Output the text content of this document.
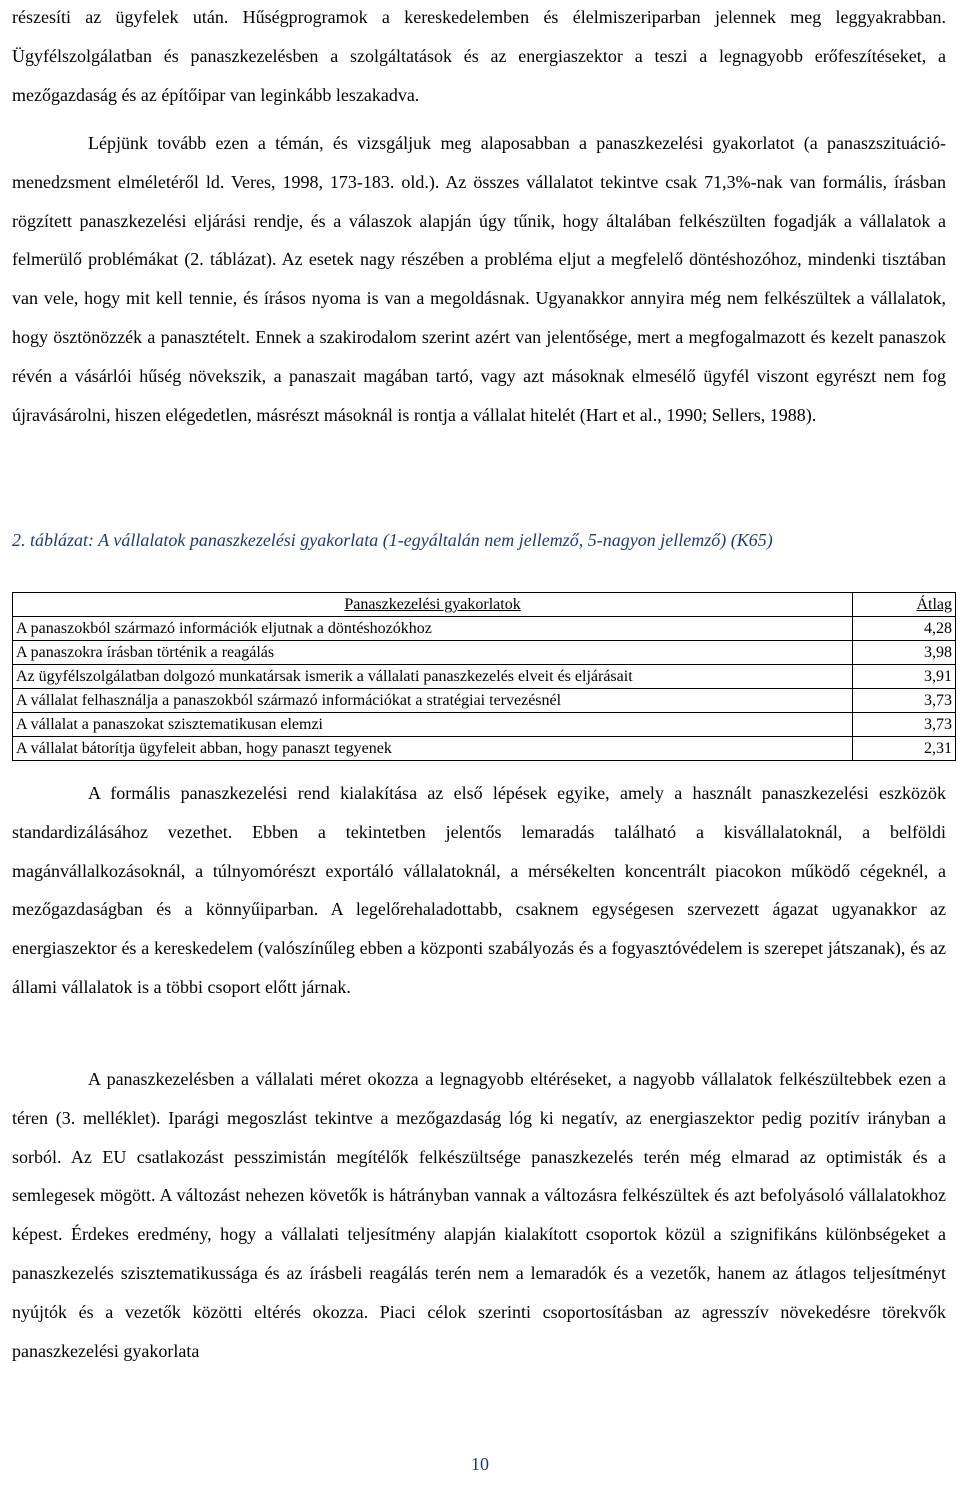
részesíti az ügyfelek után. Hűségprogramok a kereskedelemben és élelmiszeriparban jelennek meg leggyakrabban. Ügyfélszolgálatban és panaszkezelésben a szolgáltatások és az energiaszektor a teszi a legnagyobb erőfeszítéseket, a mezőgazdaság és az építőipar van leginkább leszakadva.

Lépjünk tovább ezen a témán, és vizsgáljuk meg alaposabban a panaszkezelési gyakorlatot (a panaszszituáció-menedzsment elméletéről ld. Veres, 1998, 173-183. old.). Az összes vállalatot tekintve csak 71,3%-nak van formális, írásban rögzített panaszkezelési eljárási rendje, és a válaszok alapján úgy tűnik, hogy általában felkészülten fogadják a vállalatok a felmerülő problémákat (2. táblázat). Az esetek nagy részében a probléma eljut a megfelelő döntéshozóhoz, mindenki tisztában van vele, hogy mit kell tennie, és írásos nyoma is van a megoldásnak. Ugyanakkor annyira még nem felkészültek a vállalatok, hogy ösztönözzék a panasztételt. Ennek a szakirodalom szerint azért van jelentősége, mert a megfogalmazott és kezelt panaszok révén a vásárlói hűség növekszik, a panaszait magában tartó, vagy azt másoknak elmesélő ügyfél viszont egyrészt nem fog újravásárolni, hiszen elégedetlen, másrészt másoknál is rontja a vállalat hitelét (Hart et al., 1990; Sellers, 1988).

2. táblázat: A vállalatok panaszkezelési gyakorlata (1-egyáltalán nem jellemző, 5-nagyon jellemző) (K65)

Panaszkezelési gyakorlatok	Átlag
A panaszokból származó információk eljutnak a döntéshozókhoz	4,28
A panaszokra írásban történik a reagálás	3,98
Az ügyfélszolgálatban dolgozó munkatársak ismerik a vállalati panaszkezelés elveit és eljárásait	3,91
A vállalat felhasználja a panaszokból származó információkat a stratégiai tervezésnél	3,73
A vállalat a panaszokat szisztematikusan elemzi	3,73
A vállalat bátorítja ügyfeleit abban, hogy panaszt tegyenek	2,31

A formális panaszkezelési rend kialakítása az első lépések egyike, amely a használt panaszkezelési eszközök standardizálásához vezethet. Ebben a tekintetben jelentős lemaradás található a kisvállalatoknál, a belföldi magánvállalkozásoknál, a túlnyomórészt exportáló vállalatoknál, a mérsékelten koncentrált piacokon működő cégeknél, a mezőgazdaságban és a könnyűiparban. A legelőrehaladottabb, csaknem egységesen szervezett ágazat ugyanakkor az energiaszektor és a kereskedelem (valószínűleg ebben a központi szabályozás és a fogyasztóvédelem is szerepet játszanak), és az állami vállalatok is a többi csoport előtt járnak.

A panaszkezelésben a vállalati méret okozza a legnagyobb eltéréseket, a nagyobb vállalatok felkészültebbek ezen a téren (3. melléklet). Iparági megoszlást tekintve a mezőgazdaság lóg ki negatív, az energiaszektor pedig pozitív irányban a sorból. Az EU csatlakozást pesszimistán megítélők felkészültsége panaszkezelés terén még elmarad az optimisták és a semlegesek mögött. A változást nehezen követők is hátrányban vannak a változásra felkészültek és azt befolyásoló vállalatokhoz képest. Érdekes eredmény, hogy a vállalati teljesítmény alapján kialakított csoportok közül a szignifikáns különbségeket a panaszkezelés szisztematikussága és az írásbeli reagálás terén nem a lemaradók és a vezetők, hanem az átlagos teljesítményt nyújtók és a vezetők közötti eltérés okozza. Piaci célok szerinti csoportosításban az agresszív növekedésre törekvők panaszkezelési gyakorlata

10
